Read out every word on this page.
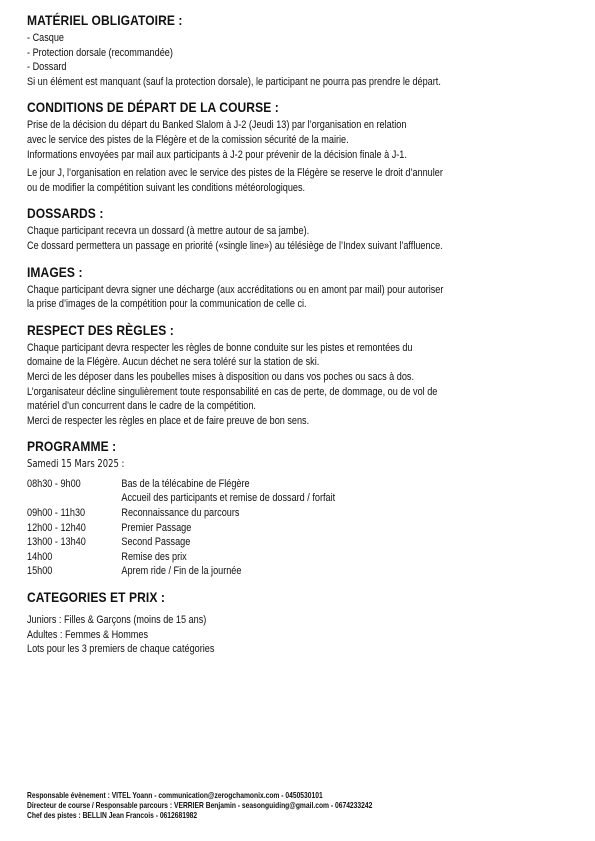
MATÉRIEL OBLIGATOIRE :
- Casque
- Protection dorsale (recommandée)
- Dossard
Si un élément est manquant (sauf la protection dorsale), le participant ne pourra pas prendre le départ.
CONDITIONS DE DÉPART DE LA COURSE :
Prise de la décision du départ du Banked Slalom à J-2 (Jeudi 13) par l’organisation en relation
avec le service des pistes de la Flégère et de la comission sécurité de la mairie.
Informations envoyées par mail aux participants à J-2 pour prévenir de la décision finale à J-1.
Le jour J, l’organisation en relation avec le service des pistes de la Flégère se reserve le droit d’annuler
ou de modifier la compétition suivant les conditions météorologiques.
DOSSARDS :
Chaque participant recevra un dossard (à mettre autour de sa jambe).
Ce dossard permettera un passage en priorité («single line») au télésiège de l’Index suivant l’affluence.
IMAGES :
Chaque participant devra signer une décharge (aux accréditations ou en amont par mail) pour autoriser
la prise d’images de la compétition pour la communication de celle ci.
RESPECT DES RÈGLES :
Chaque participant devra respecter les règles de bonne conduite sur les pistes et remontées du
domaine de la Flégère. Aucun déchet ne sera toléré sur la station de ski.
Merci de les déposer dans les poubelles mises à disposition ou dans vos poches ou sacs à dos.
L’organisateur décline singulièrement toute responsabilité en cas de perte, de dommage, ou de vol de
matériel d’un concurrent dans le cadre de la compétition.
Merci de respecter les règles en place et de faire preuve de bon sens.
PROGRAMME :
Samedi 15 Mars 2025 :
08h30 - 9h00	Bas de la télécabine de Flégère
Accueil des participants et remise de dossard / forfait
09h00 - 11h30	Reconnaissance du parcours
12h00 - 12h40	Premier Passage
13h00 - 13h40	Second Passage
14h00	Remise des prix
15h00	Aprem ride / Fin de la journée
CATEGORIES ET PRIX :
Juniors : Filles & Garçons (moins de 15 ans)
Adultes : Femmes & Hommes
Lots pour les 3 premiers de chaque catégories
Responsable évènement : VITEL Yoann - communication@zerogchamonix.com - 0450530101
Directeur de course / Responsable parcours : VERRIER Benjamin - seasonguiding@gmail.com - 0674233242
Chef des pistes : BELLIN Jean Francois - 0612681982
